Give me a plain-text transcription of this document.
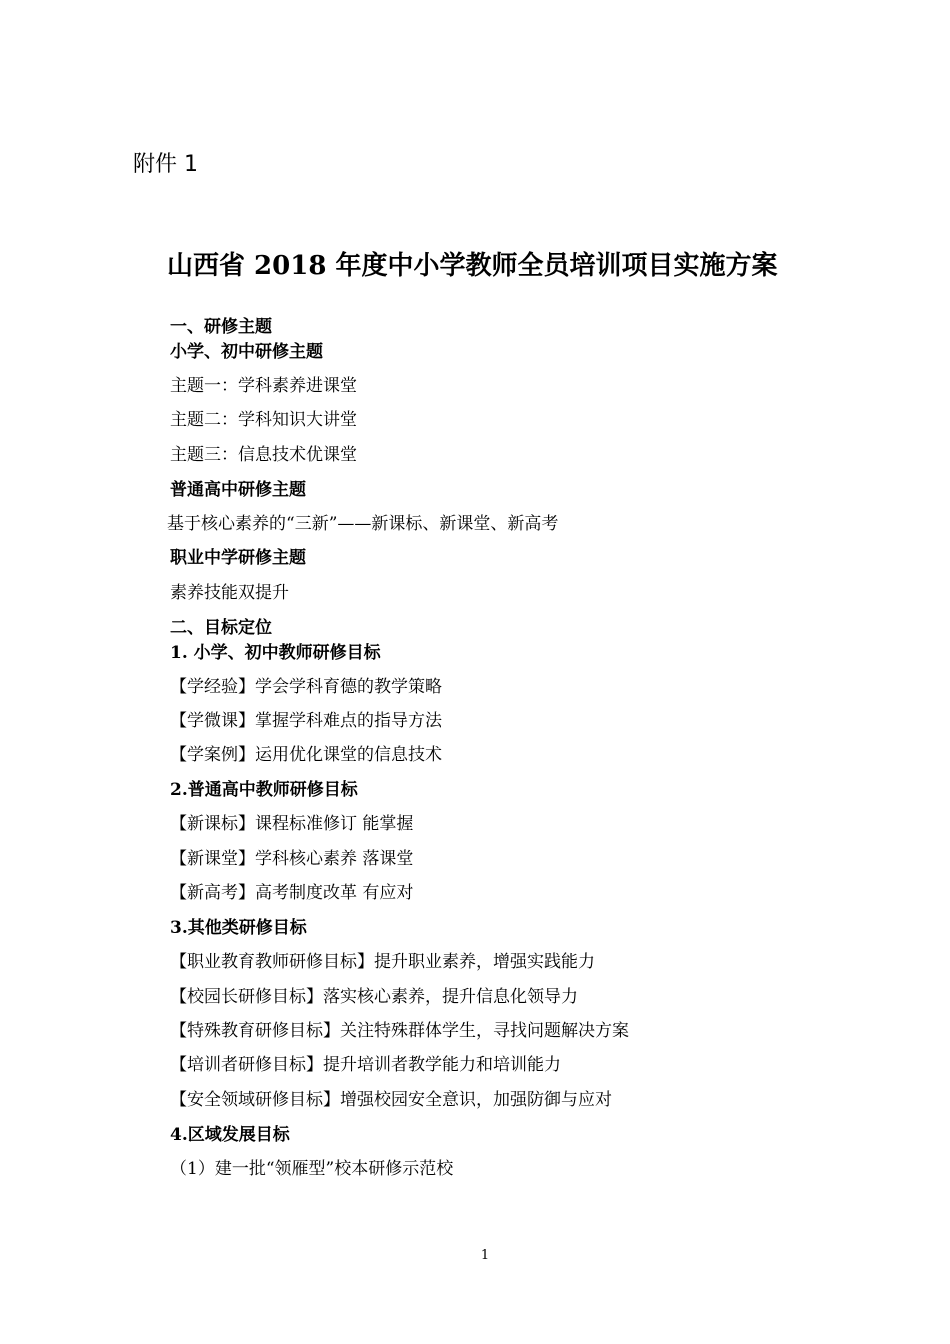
附件 1
山西省 2018 年度中小学教师全员培训项目实施方案
一、研修主题
小学、初中研修主题
主题一：学科素养进课堂
主题二：学科知识大讲堂
主题三：信息技术优课堂
普通高中研修主题
基于核心素养的“三新”——新课标、新课堂、新高考
职业中学研修主题
素养技能双提升
二、目标定位
1. 小学、初中教师研修目标
【学经验】学会学科育德的教学策略
【学微课】掌握学科难点的指导方法
【学案例】运用优化课堂的信息技术
2.普通高中教师研修目标
【新课标】课程标准修订 能掌握
【新课堂】学科核心素养 落课堂
【新高考】高考制度改革 有应对
3.其他类研修目标
【职业教育教师研修目标】提升职业素养，增强实践能力
【校园长研修目标】落实核心素养，提升信息化领导力
【特殊教育研修目标】关注特殊群体学生，寻找问题解决方案
【培训者研修目标】提升培训者教学能力和培训能力
【安全领域研修目标】增强校园安全意识，加强防御与应对
4.区域发展目标
（1）建一批“领雁型”校本研修示范校
1
